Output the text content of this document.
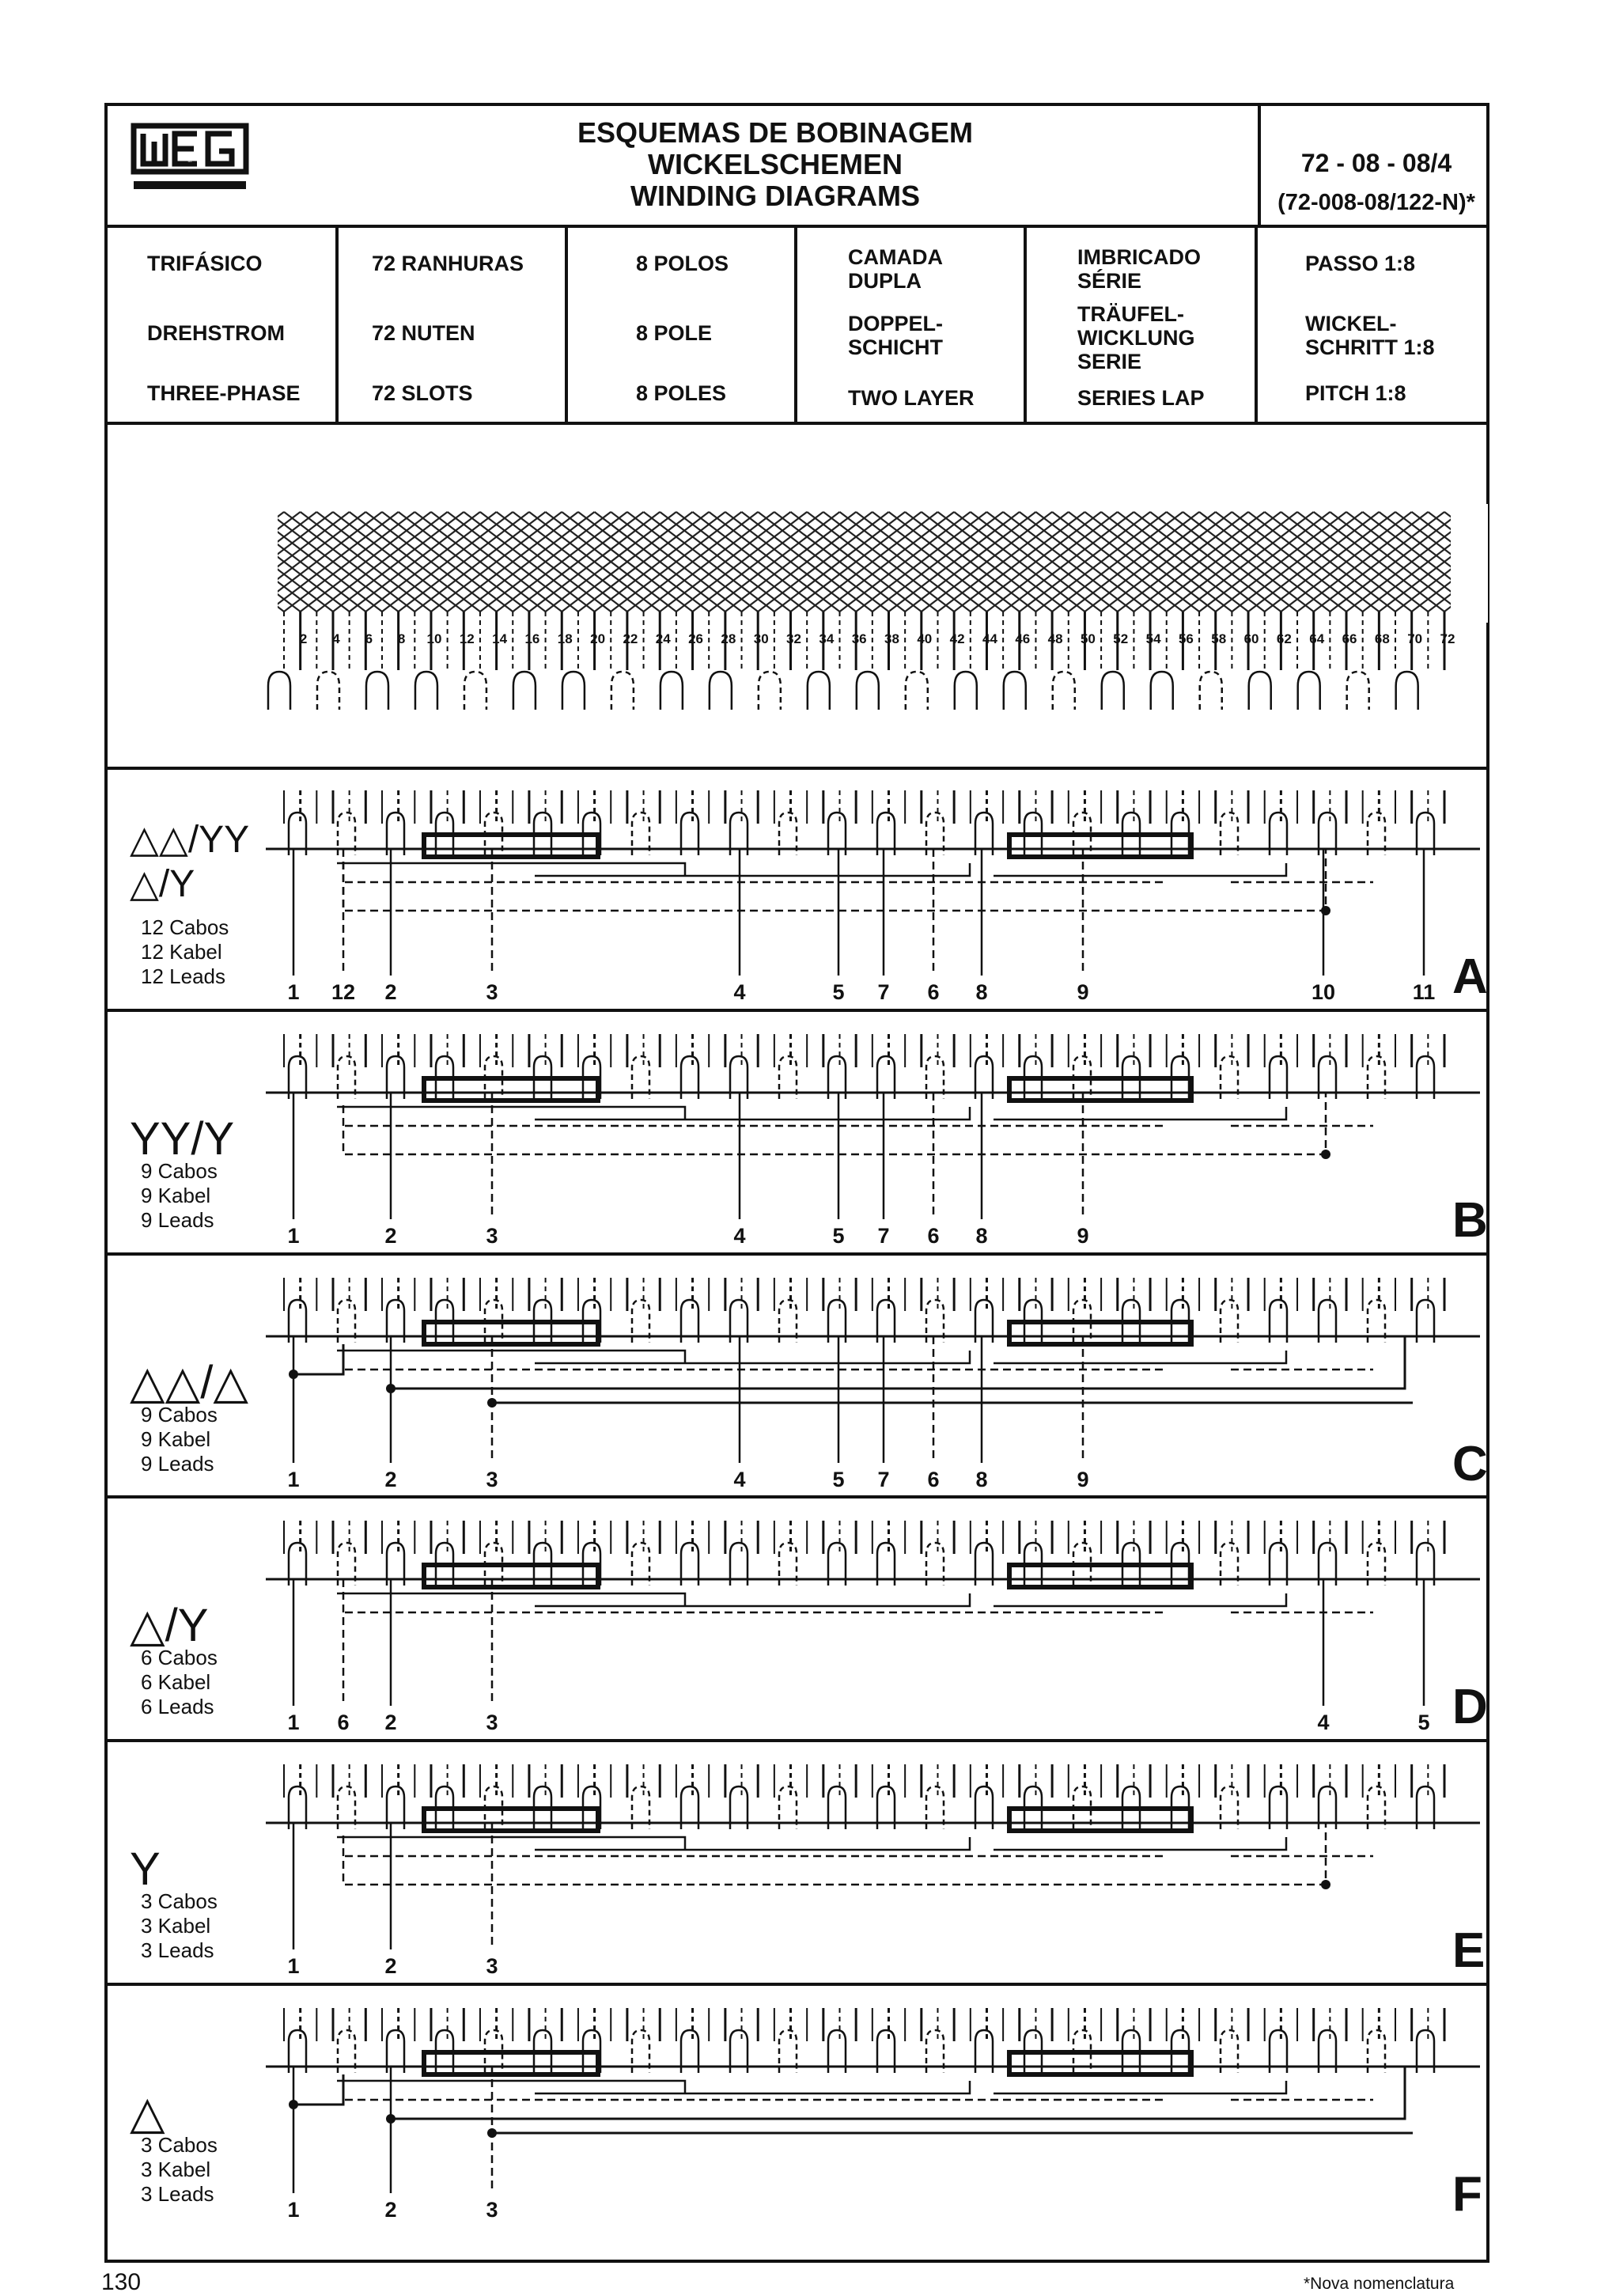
WEG
ESQUEMAS DE BOBINAGEM
WICKELSCHEMEN
WINDING DIAGRAMS
72 - 08 - 08/4
(72-008-08/122-N)*
TRIFÁSICO
DREHSTROM
THREE-PHASE
72 RANHURAS
72 NUTEN
72 SLOTS
8 POLOS
8 POLE
8 POLES
CAMADA
DUPLA
DOPPEL-
SCHICHT
TWO LAYER
IMBRICADO
SÉRIE
TRÄUFEL-
WICKLUNG
SERIE
SERIES LAP
PASSO 1:8
WICKEL-
SCHRITT 1:8
PITCH 1:8
2 4 6 8 10 12 14 16 18 20 22 24 26 28 30 32 34 36 38 40 42 44 46 48 50 52 54 56 58 60 62 64 66 68 70 72
1 12 2	3	4	5 7 6 8	9	10	11
△△/ΥΥ
△/Υ
12 Cabos
12 Kabel
12 Leads	A
1	2	3	4	5 7 6 8	9
ΥΥ/Υ
9 Cabos
9 Kabel
9 Leads	B
1	2	3	4	5 7 6 8	9
△△/△
9 Cabos
9 Kabel
9 Leads	C
1 6 2	3	4	5
△/Υ
6 Cabos
6 Kabel
6 Leads	D
1	2	3
Υ
3 Cabos
3 Kabel
3 Leads	E
1	2	3
△
3 Cabos
3 Kabel
3 Leads	F
130	*Nova nomenclatura
